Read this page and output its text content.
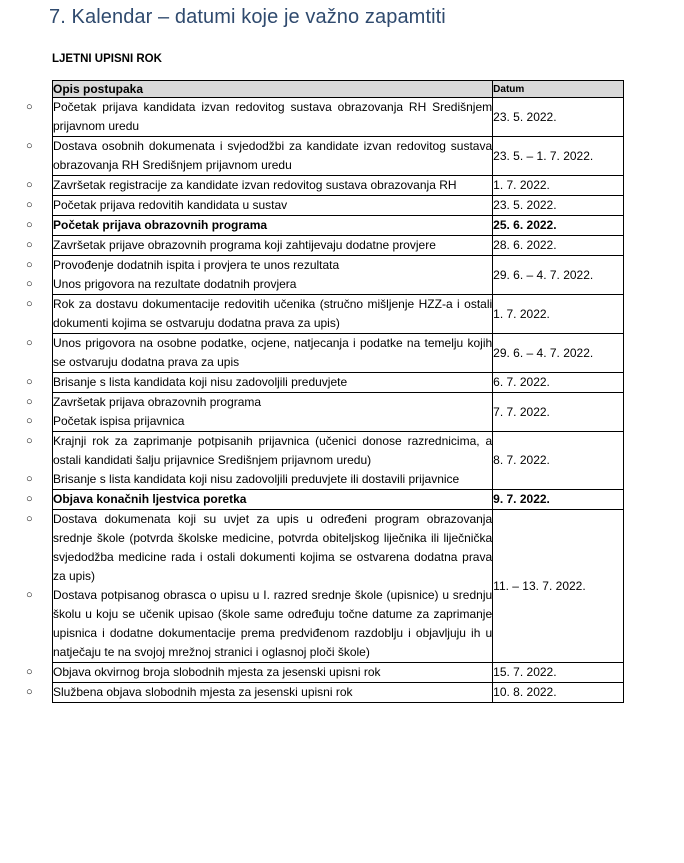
7. Kalendar – datumi koje je važno zapamtiti
LJETNI UPISNI ROK
Opis postupaka	Datum

○ Početak prijava kandidata izvan redovitog sustava obrazovanja RH Središnjem prijavnom uredu	23. 5. 2022.

○ Dostava osobnih dokumenata i svjedodžbi za kandidate izvan redovitog sustava obrazovanja RH Središnjem prijavnom uredu	23. 5. – 1. 7. 2022.

○ Završetak registracije za kandidate izvan redovitog sustava obrazovanja RH	1. 7. 2022.

○ Početak prijava redovitih kandidata u sustav	23. 5. 2022.

○ Početak prijava obrazovnih programa	25. 6. 2022.

○ Završetak prijave obrazovnih programa koji zahtijevaju dodatne provjere	28. 6. 2022.

○ Provođenje dodatnih ispita i provjera te unos rezultata
○ Unos prigovora na rezultate dodatnih provjera	29. 6. – 4. 7. 2022.

○ Rok za dostavu dokumentacije redovitih učenika (stručno mišljenje HZZ-a i ostali dokumenti kojima se ostvaruju dodatna prava za upis)	1. 7. 2022.

○ Unos prigovora na osobne podatke, ocjene, natjecanja i podatke na temelju kojih se ostvaruju dodatna prava za upis	29. 6. – 4. 7. 2022.

○ Brisanje s lista kandidata koji nisu zadovoljili preduvjete	6. 7. 2022.

○ Završetak prijava obrazovnih programa
○ Početak ispisa prijavnica	7. 7. 2022.

○ Krajnji rok za zaprimanje potpisanih prijavnica (učenici donose razrednicima, a ostali kandidati šalju prijavnice Središnjem prijavnom uredu)
○ Brisanje s lista kandidata koji nisu zadovoljili preduvjete ili dostavili prijavnice	8. 7. 2022.

○ Objava konačnih ljestvica poretka	9. 7. 2022.

○ Dostava dokumenata koji su uvjet za upis u određeni program obrazovanja srednje škole (potvrda školske medicine, potvrda obiteljskog liječnika ili liječnička svjedodžba medicine rada i ostali dokumenti kojima se ostvarena dodatna prava za upis)
○ Dostava potpisanog obrasca o upisu u I. razred srednje škole (upisnice) u srednju školu u koju se učenik upisao (škole same određuju točne datume za zaprimanje upisnica i dodatne dokumentacije prema predviđenom razdoblju i objavljuju ih u natječaju te na svojoj mrežnoj stranici i oglasnoj ploči škole)	11. – 13. 7. 2022.

○ Objava okvirnog broja slobodnih mjesta za jesenski upisni rok	15. 7. 2022.

○ Službena objava slobodnih mjesta za jesenski upisni rok	10. 8. 2022.
